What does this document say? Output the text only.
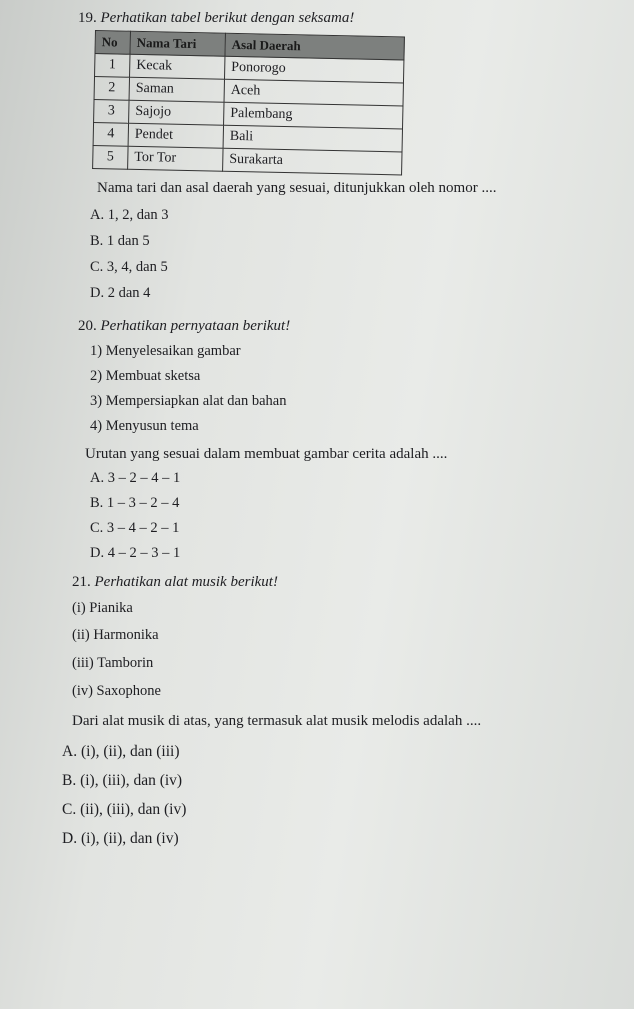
19. Perhatikan tabel berikut dengan seksama!
No	Nama Tari	Asal Daerah
1	Kecak	Ponorogo
2	Saman	Aceh
3	Sajojo	Palembang
4	Pendet	Bali
5	Tor Tor	Surakarta
Nama tari dan asal daerah yang sesuai, ditunjukkan oleh nomor ....
A. 1, 2, dan 3
B. 1 dan 5
C. 3, 4, dan 5
D. 2 dan 4
20. Perhatikan pernyataan berikut!
1) Menyelesaikan gambar
2) Membuat sketsa
3) Mempersiapkan alat dan bahan
4) Menyusun tema
Urutan yang sesuai dalam membuat gambar cerita adalah ....
A. 3 – 2 – 4 – 1
B. 1 – 3 – 2 – 4
C. 3 – 4 – 2 – 1
D. 4 – 2 – 3 – 1
21. Perhatikan alat musik berikut!
(i) Pianika
(ii) Harmonika
(iii) Tamborin
(iv) Saxophone
Dari alat musik di atas, yang termasuk alat musik melodis adalah ....
A. (i), (ii), dan (iii)
B. (i), (iii), dan (iv)
C. (ii), (iii), dan (iv)
D. (i), (ii), dan (iv)
